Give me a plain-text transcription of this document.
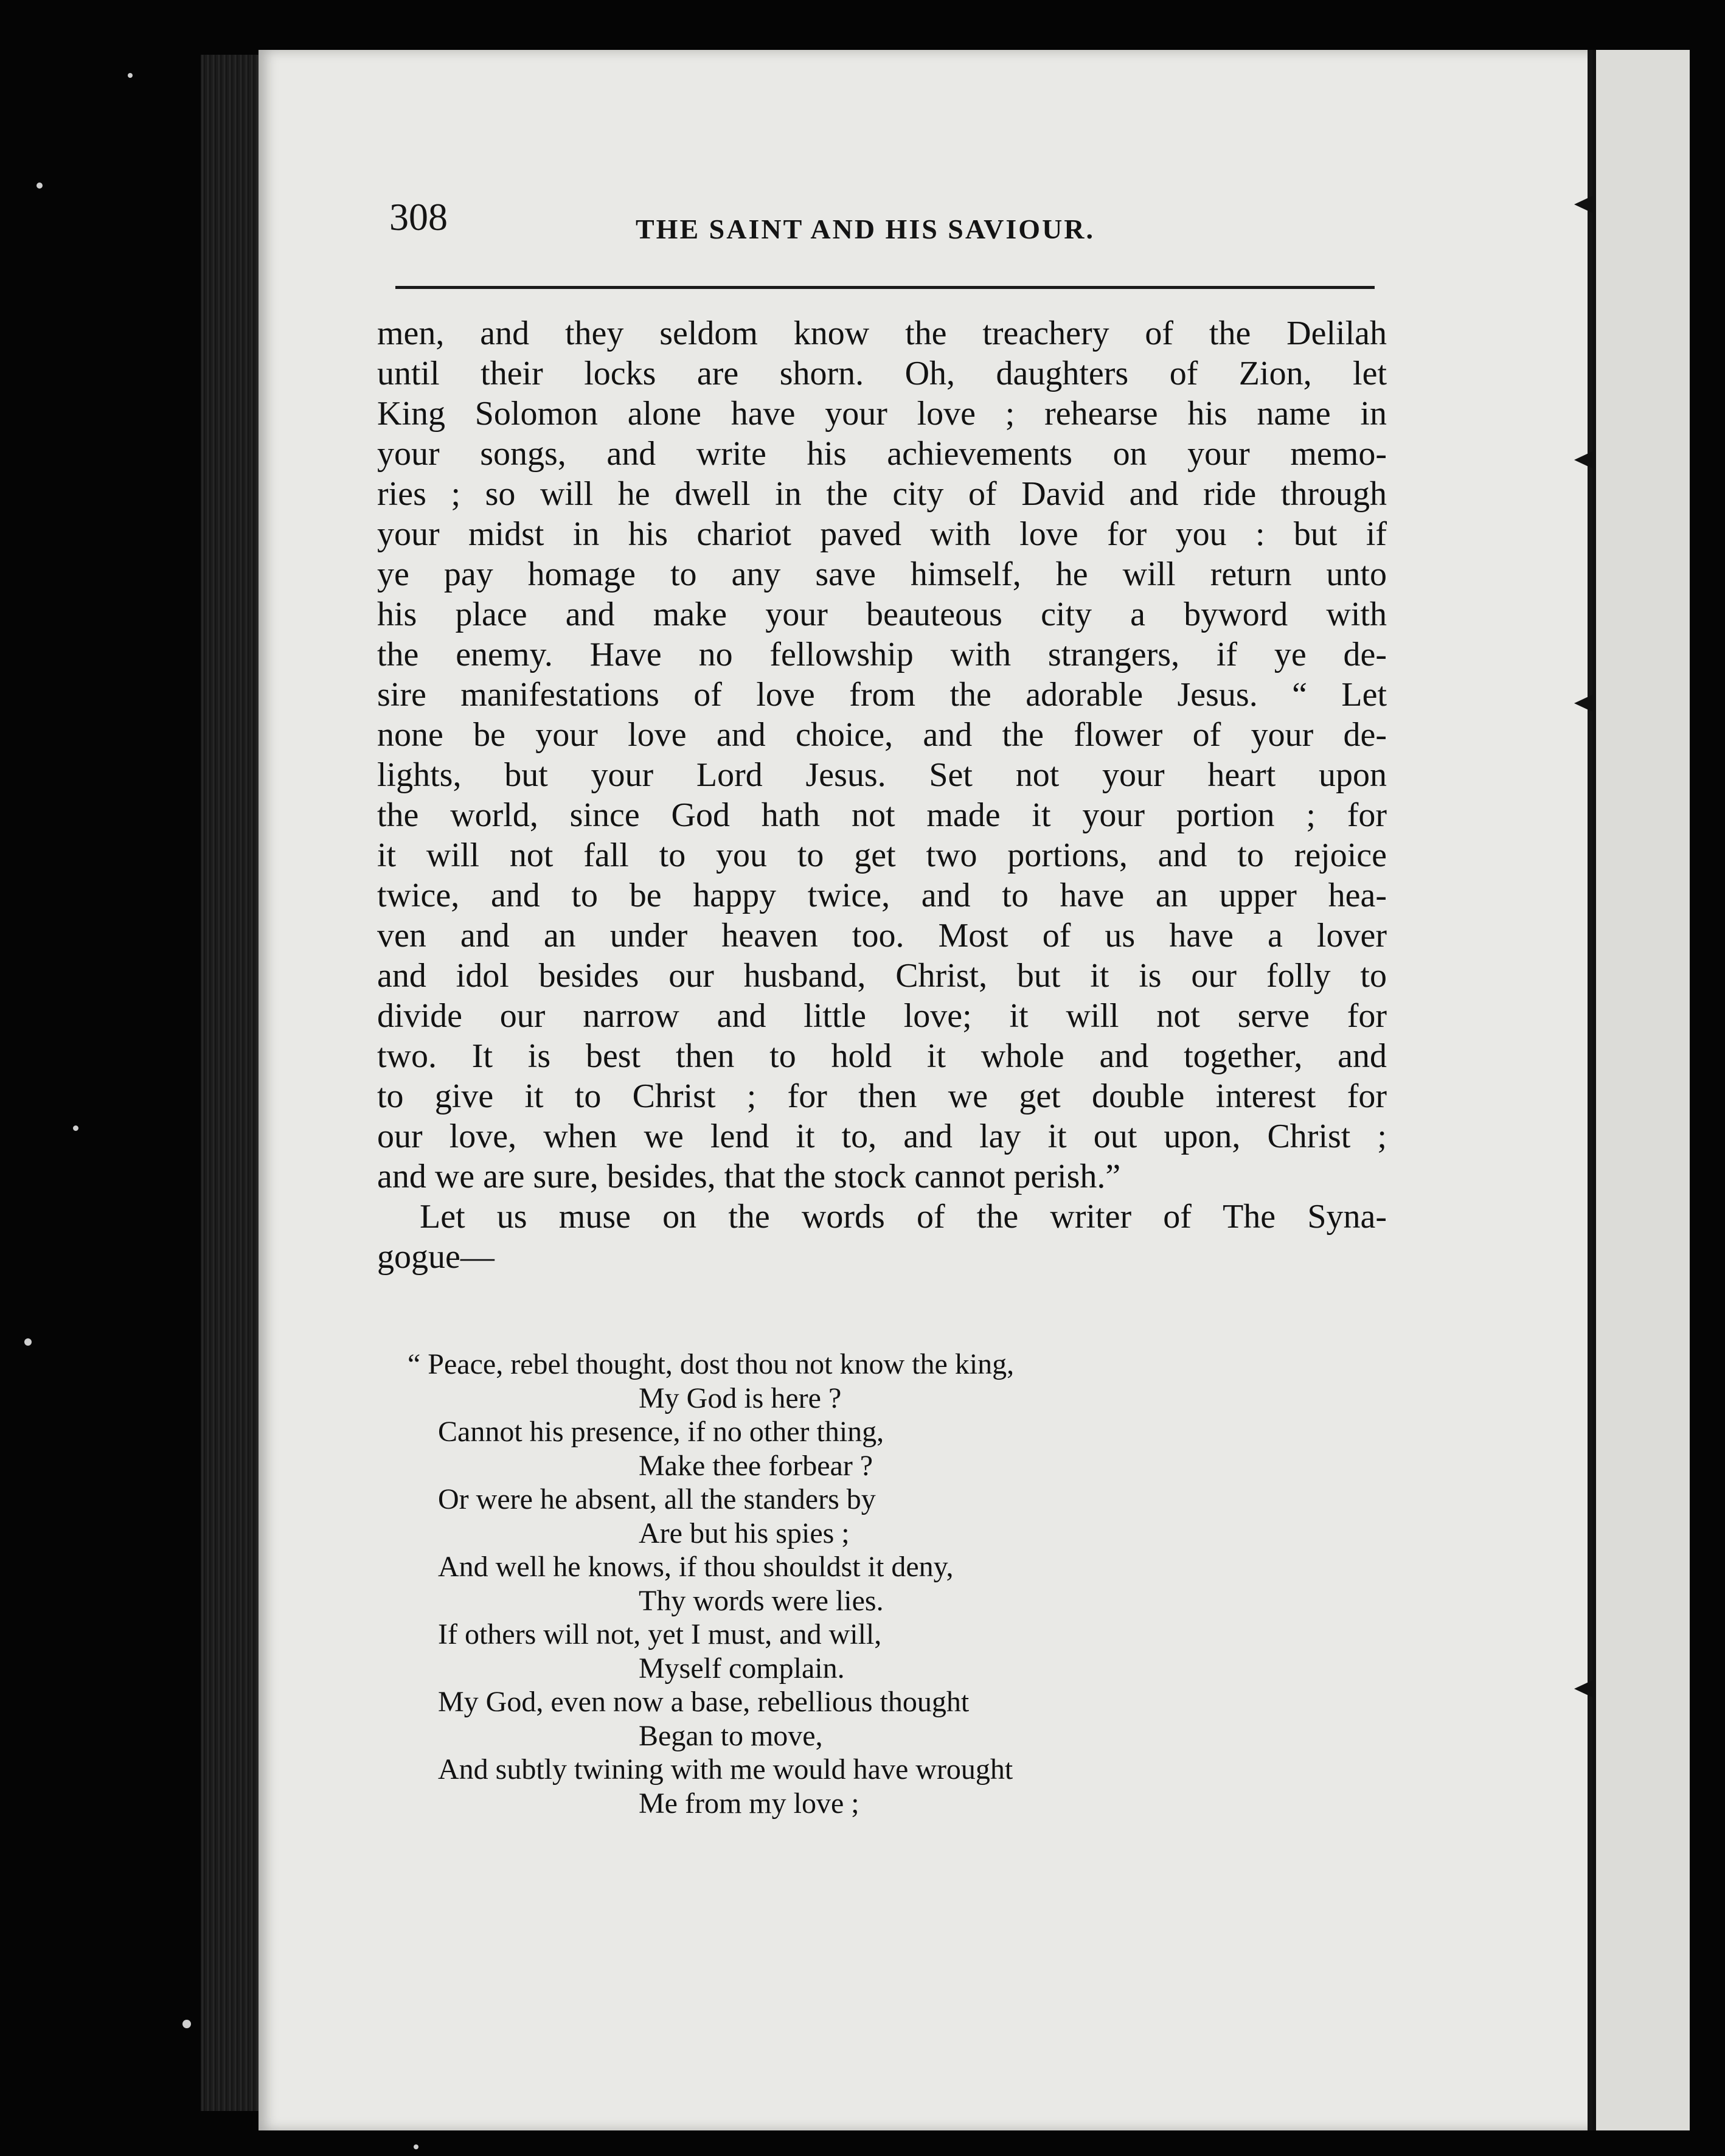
308	THE SAINT AND HIS SAVIOUR.
men, and they seldom know the treachery of the Delilah
until their locks are shorn. Oh, daughters of Zion, let
King Solomon alone have your love ; rehearse his name in
your songs, and write his achievements on your memo-
ries ; so will he dwell in the city of David and ride through
your midst in his chariot paved with love for you : but if
ye pay homage to any save himself, he will return unto
his place and make your beauteous city a byword with
the enemy. Have no fellowship with strangers, if ye de-
sire manifestations of love from the adorable Jesus. “ Let
none be your love and choice, and the flower of your de-
lights, but your Lord Jesus. Set not your heart upon
the world, since God hath not made it your portion ; for
it will not fall to you to get two portions, and to rejoice
twice, and to be happy twice, and to have an upper hea-
ven and an under heaven too. Most of us have a lover
and idol besides our husband, Christ, but it is our folly to
divide our narrow and little love; it will not serve for
two. It is best then to hold it whole and together, and
to give it to Christ ; for then we get double interest for
our love, when we lend it to, and lay it out upon, Christ ;
and we are sure, besides, that the stock cannot perish.”
Let us muse on the words of the writer of The Syna-
gogue—
“ Peace, rebel thought, dost thou not know the king,
My God is here ?
Cannot his presence, if no other thing,
Make thee forbear ?
Or were he absent, all the standers by
Are but his spies ;
And well he knows, if thou shouldst it deny,
Thy words were lies.
If others will not, yet I must, and will,
Myself complain.
My God, even now a base, rebellious thought
Began to move,
And subtly twining with me would have wrought
Me from my love ;
